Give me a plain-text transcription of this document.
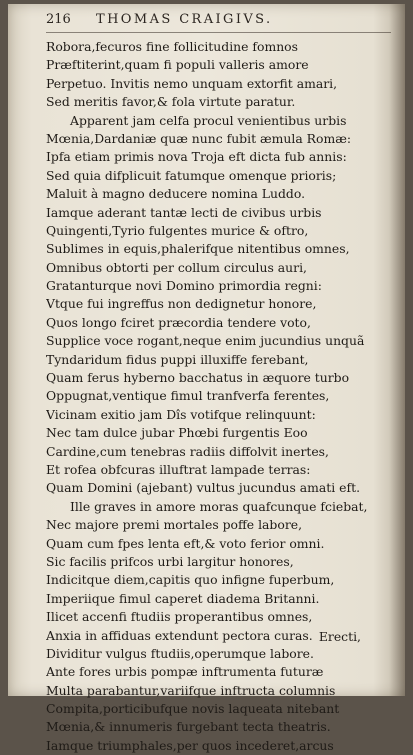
216 THOMAS CRAIGIVS.
Robora,fecuros fine follicitudine fomnos
Præftiterint,quam fi populi valleris amore
Perpetuo. Invitis nemo unquam extorfit amari,
Sed meritis favor,& fola virtute paratur.
Apparent jam celfa procul venientibus urbis
Mœnia,Dardaniæ quæ nunc fubit æmula Romæ:
Ipfa etiam primis nova Troja eft dicta fub annis:
Sed quia difplicuit fatumque omenque prioris;
Maluit à magno deducere nomina Luddo.
Iamque aderant tantæ lecti de civibus urbis
Quingenti,Tyrio fulgentes murice & oftro,
Sublimes in equis,phalerifque nitentibus omnes,
Omnibus obtorti per collum circulus auri,
Gratanturque novi Domino primordia regni:
Vtque fui ingreffus non dedignetur honore,
Quos longo fciret præcordia tendere voto,
Supplice voce rogant,neque enim jucundius unquã
Tyndaridum fidus puppi illuxiffe ferebant,
Quam ferus hyberno bacchatus in æquore turbo
Oppugnat,ventique fimul tranfverfa ferentes,
Vicinam exitio jam Dîs votifque relinquunt:
Nec tam dulce jubar Phœbi furgentis Eoo
Cardine,cum tenebras radiis diffolvit inertes,
Et rofea obfcuras illuftrat lampade terras:
Quam Domini (ajebant) vultus jucundus amati eft.
Ille graves in amore moras quafcunque fciebat,
Nec majore premi mortales poffe labore,
Quam cum fpes lenta eft,& voto ferior omni.
Sic facilis prifcos urbi largitur honores,
Indicitque diem,capitis quo infigne fuperbum,
Imperiique fimul caperet diadema Britanni.
Ilicet accenfi ftudiis properantibus omnes,
Anxia in affiduas extendunt pectora curas.
Dividitur vulgus ftudiis,operumque labore.
Ante fores urbis pompæ inftrumenta futuræ
Multa parabantur,variifque inftructa columnis
Compita,porticibufque novis laqueata nitebant
Mœnia,& innumeris furgebant tecta theatris.
Iamque triumphales,per quos incederet,arcus
Erecti,
